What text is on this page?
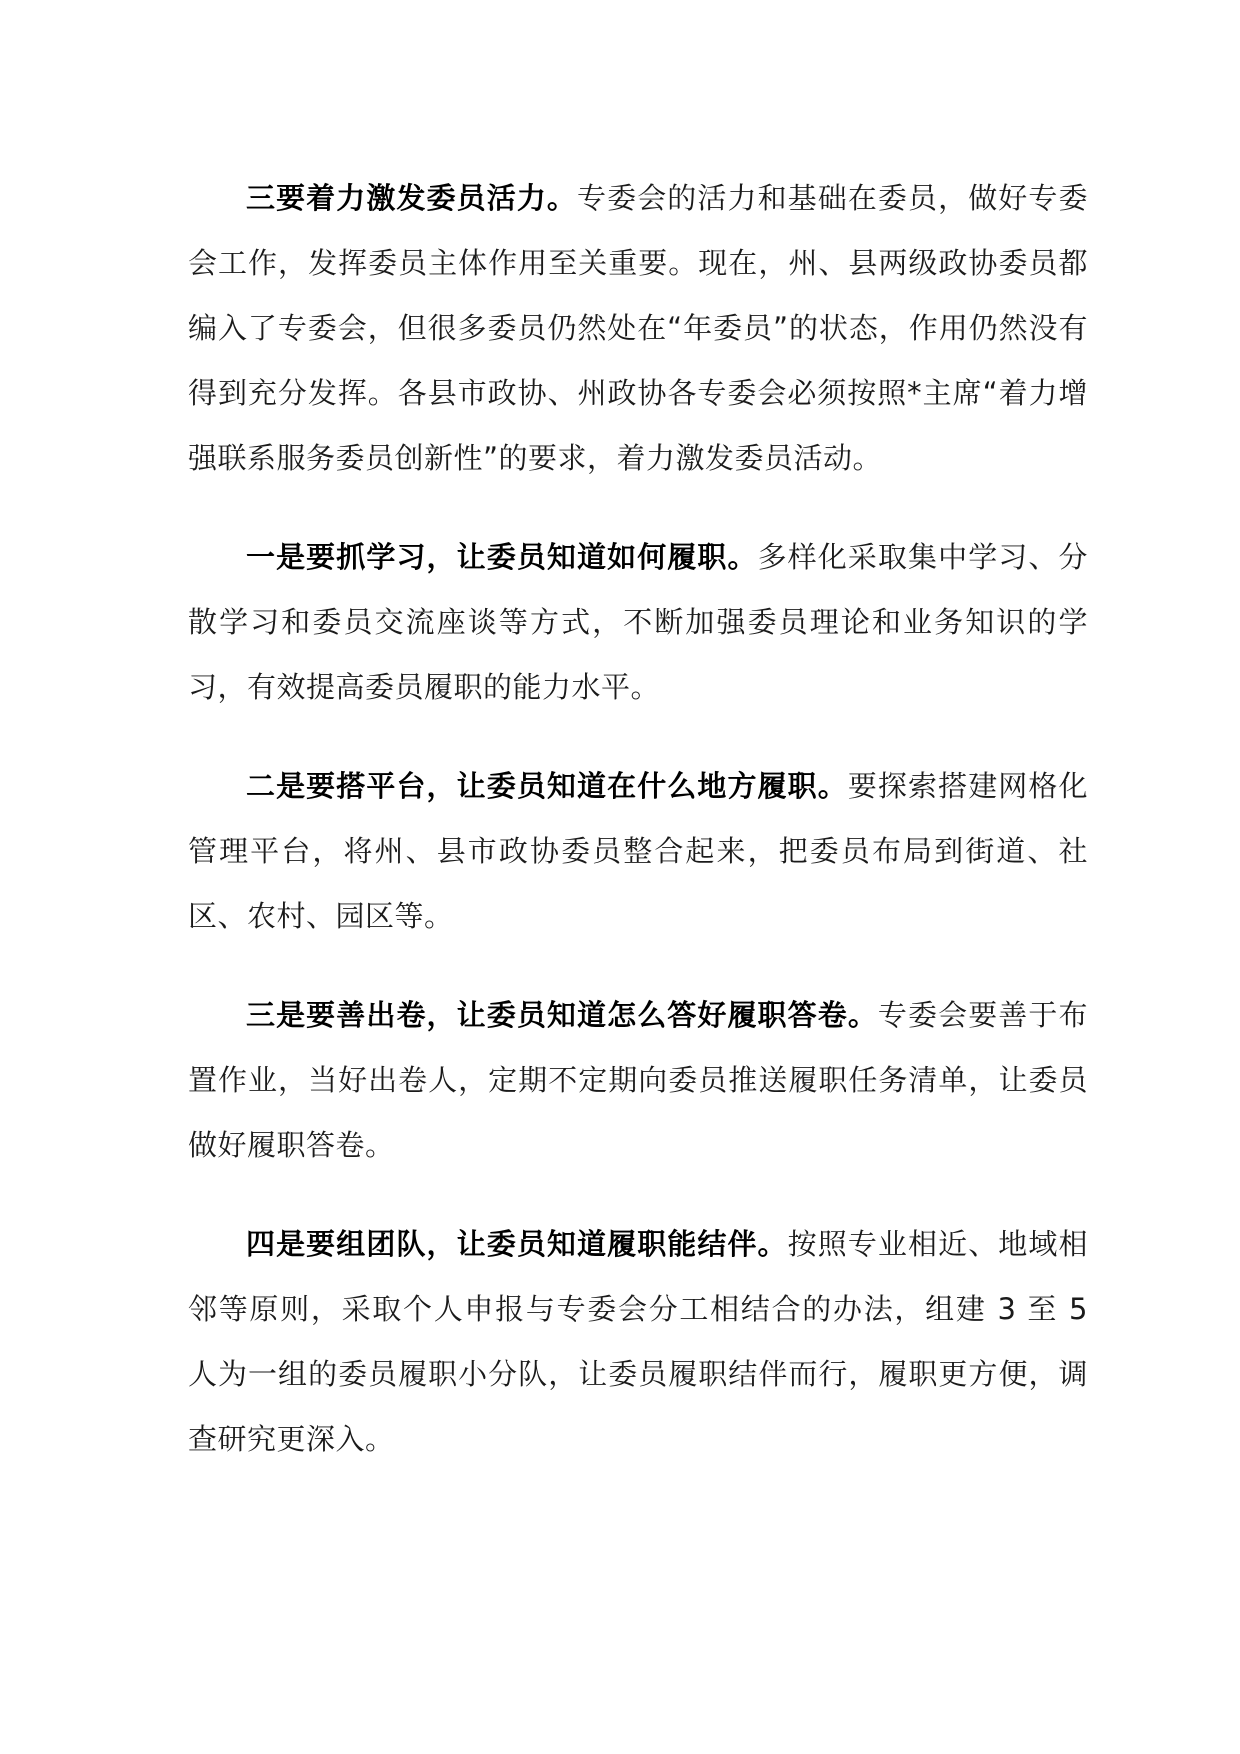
三要着力激发委员活力。专委会的活力和基础在委员，做好专委会工作，发挥委员主体作用至关重要。现在，州、县两级政协委员都编入了专委会，但很多委员仍然处在“年委员”的状态，作用仍然没有得到充分发挥。各县市政协、州政协各专委会必须按照*主席“着力增强联系服务委员创新性”的要求，着力激发委员活动。

一是要抓学习，让委员知道如何履职。多样化采取集中学习、分散学习和委员交流座谈等方式，不断加强委员理论和业务知识的学习，有效提高委员履职的能力水平。

二是要搭平台，让委员知道在什么地方履职。要探索搭建网格化管理平台，将州、县市政协委员整合起来，把委员布局到街道、社区、农村、园区等。

三是要善出卷，让委员知道怎么答好履职答卷。专委会要善于布置作业，当好出卷人，定期不定期向委员推送履职任务清单，让委员做好履职答卷。

四是要组团队，让委员知道履职能结伴。按照专业相近、地域相邻等原则，采取个人申报与专委会分工相结合的办法，组建 3 至 5 人为一组的委员履职小分队，让委员履职结伴而行，履职更方便，调查研究更深入。
